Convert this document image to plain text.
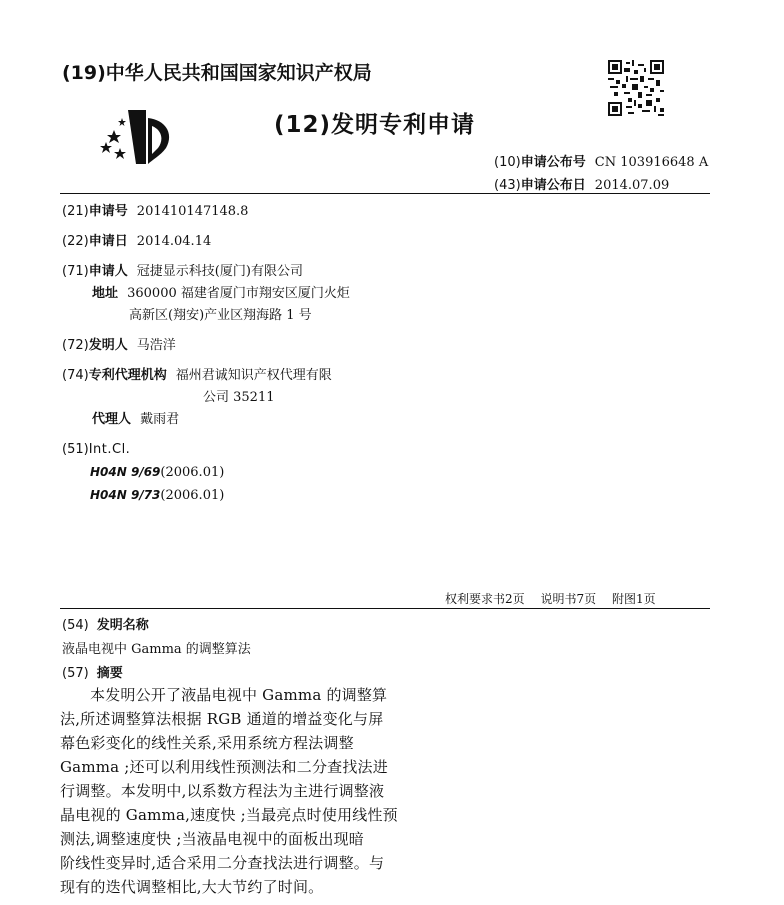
(19)中华人民共和国国家知识产权局
(12)发明专利申请
(10)申请公布号 CN 103916648 A
(43)申请公布日 2014.07.09
(21)申请号 201410147148.8
(22)申请日 2014.04.14
(71)申请人 冠捷显示科技(厦门)有限公司
地址 360000 福建省厦门市翔安区厦门火炬
高新区(翔安)产业区翔海路 1 号
(72)发明人 马浩洋
(74)专利代理机构 福州君诚知识产权代理有限
公司 35211
代理人 戴雨君
(51)Int.Cl.
H04N 9/69(2006.01)
H04N 9/73(2006.01)
权利要求书2页 说明书7页 附图1页
(54) 发明名称
液晶电视中 Gamma 的调整算法
(57) 摘要
本发明公开了液晶电视中 Gamma 的调整算
法,所述调整算法根据 RGB 通道的增益变化与屏
幕色彩变化的线性关系,采用系统方程法调整
Gamma ;还可以利用线性预测法和二分查找法进
行调整。本发明中,以系数方程法为主进行调整液
晶电视的 Gamma,速度快 ;当最亮点时使用线性预
测法,调整速度快 ;当液晶电视中的面板出现暗
阶线性变异时,适合采用二分查找法进行调整。与
现有的迭代调整相比,大大节约了时间。
